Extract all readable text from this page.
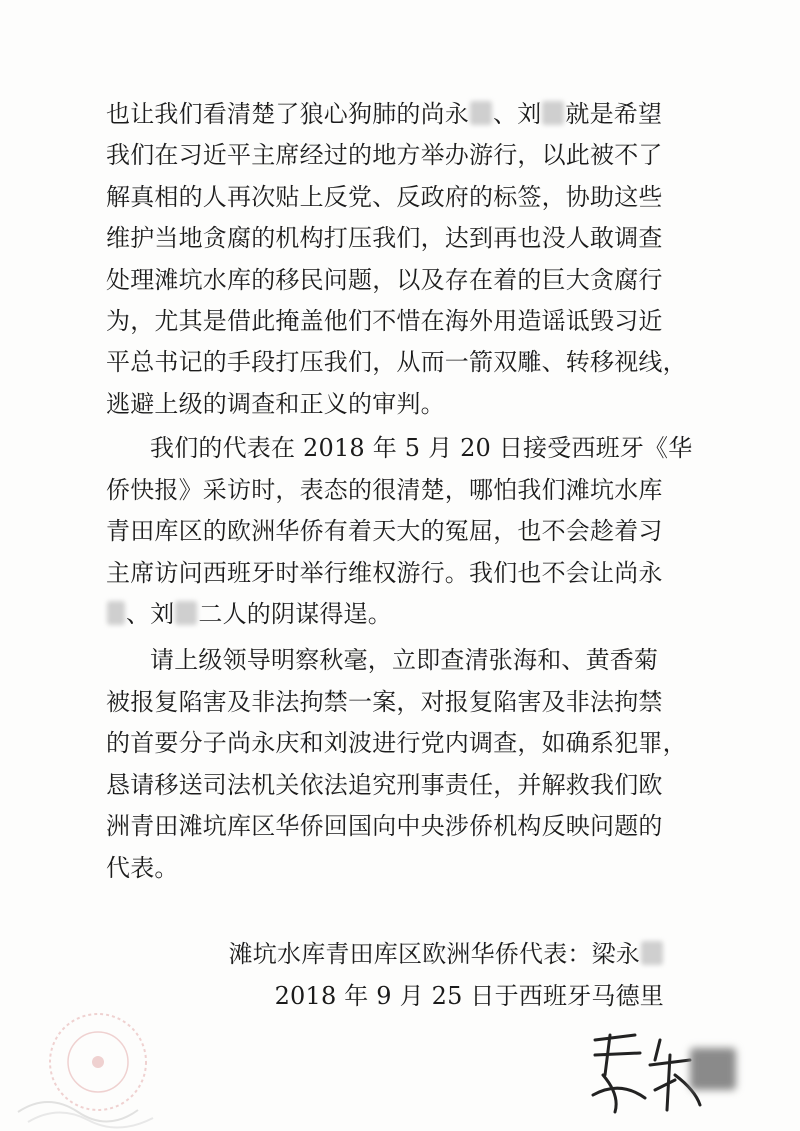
也让我们看清楚了狼心狗肺的尚永 、刘 就是希望
我们在习近平主席经过的地方举办游行，以此被不了
解真相的人再次贴上反党、反政府的标签，协助这些
维护当地贪腐的机构打压我们，达到再也没人敢调查
处理滩坑水库的移民问题，以及存在着的巨大贪腐行
为，尤其是借此掩盖他们不惜在海外用造谣诋毁习近
平总书记的手段打压我们，从而一箭双雕、转移视线，
逃避上级的调查和正义的审判。
我们的代表在 2018 年 5 月 20 日接受西班牙《华
侨快报》采访时，表态的很清楚，哪怕我们滩坑水库
青田库区的欧洲华侨有着天大的冤屈，也不会趁着习
主席访问西班牙时举行维权游行。我们也不会让尚永
、刘 二人的阴谋得逞。
请上级领导明察秋毫，立即查清张海和、黄香菊
被报复陷害及非法拘禁一案，对报复陷害及非法拘禁
的首要分子尚永庆和刘波进行党内调查，如确系犯罪，
恳请移送司法机关依法追究刑事责任，并解救我们欧
洲青田滩坑库区华侨回国向中央涉侨机构反映问题的
代表。
滩坑水库青田库区欧洲华侨代表：梁永
2018 年 9 月 25 日于西班牙马德里
